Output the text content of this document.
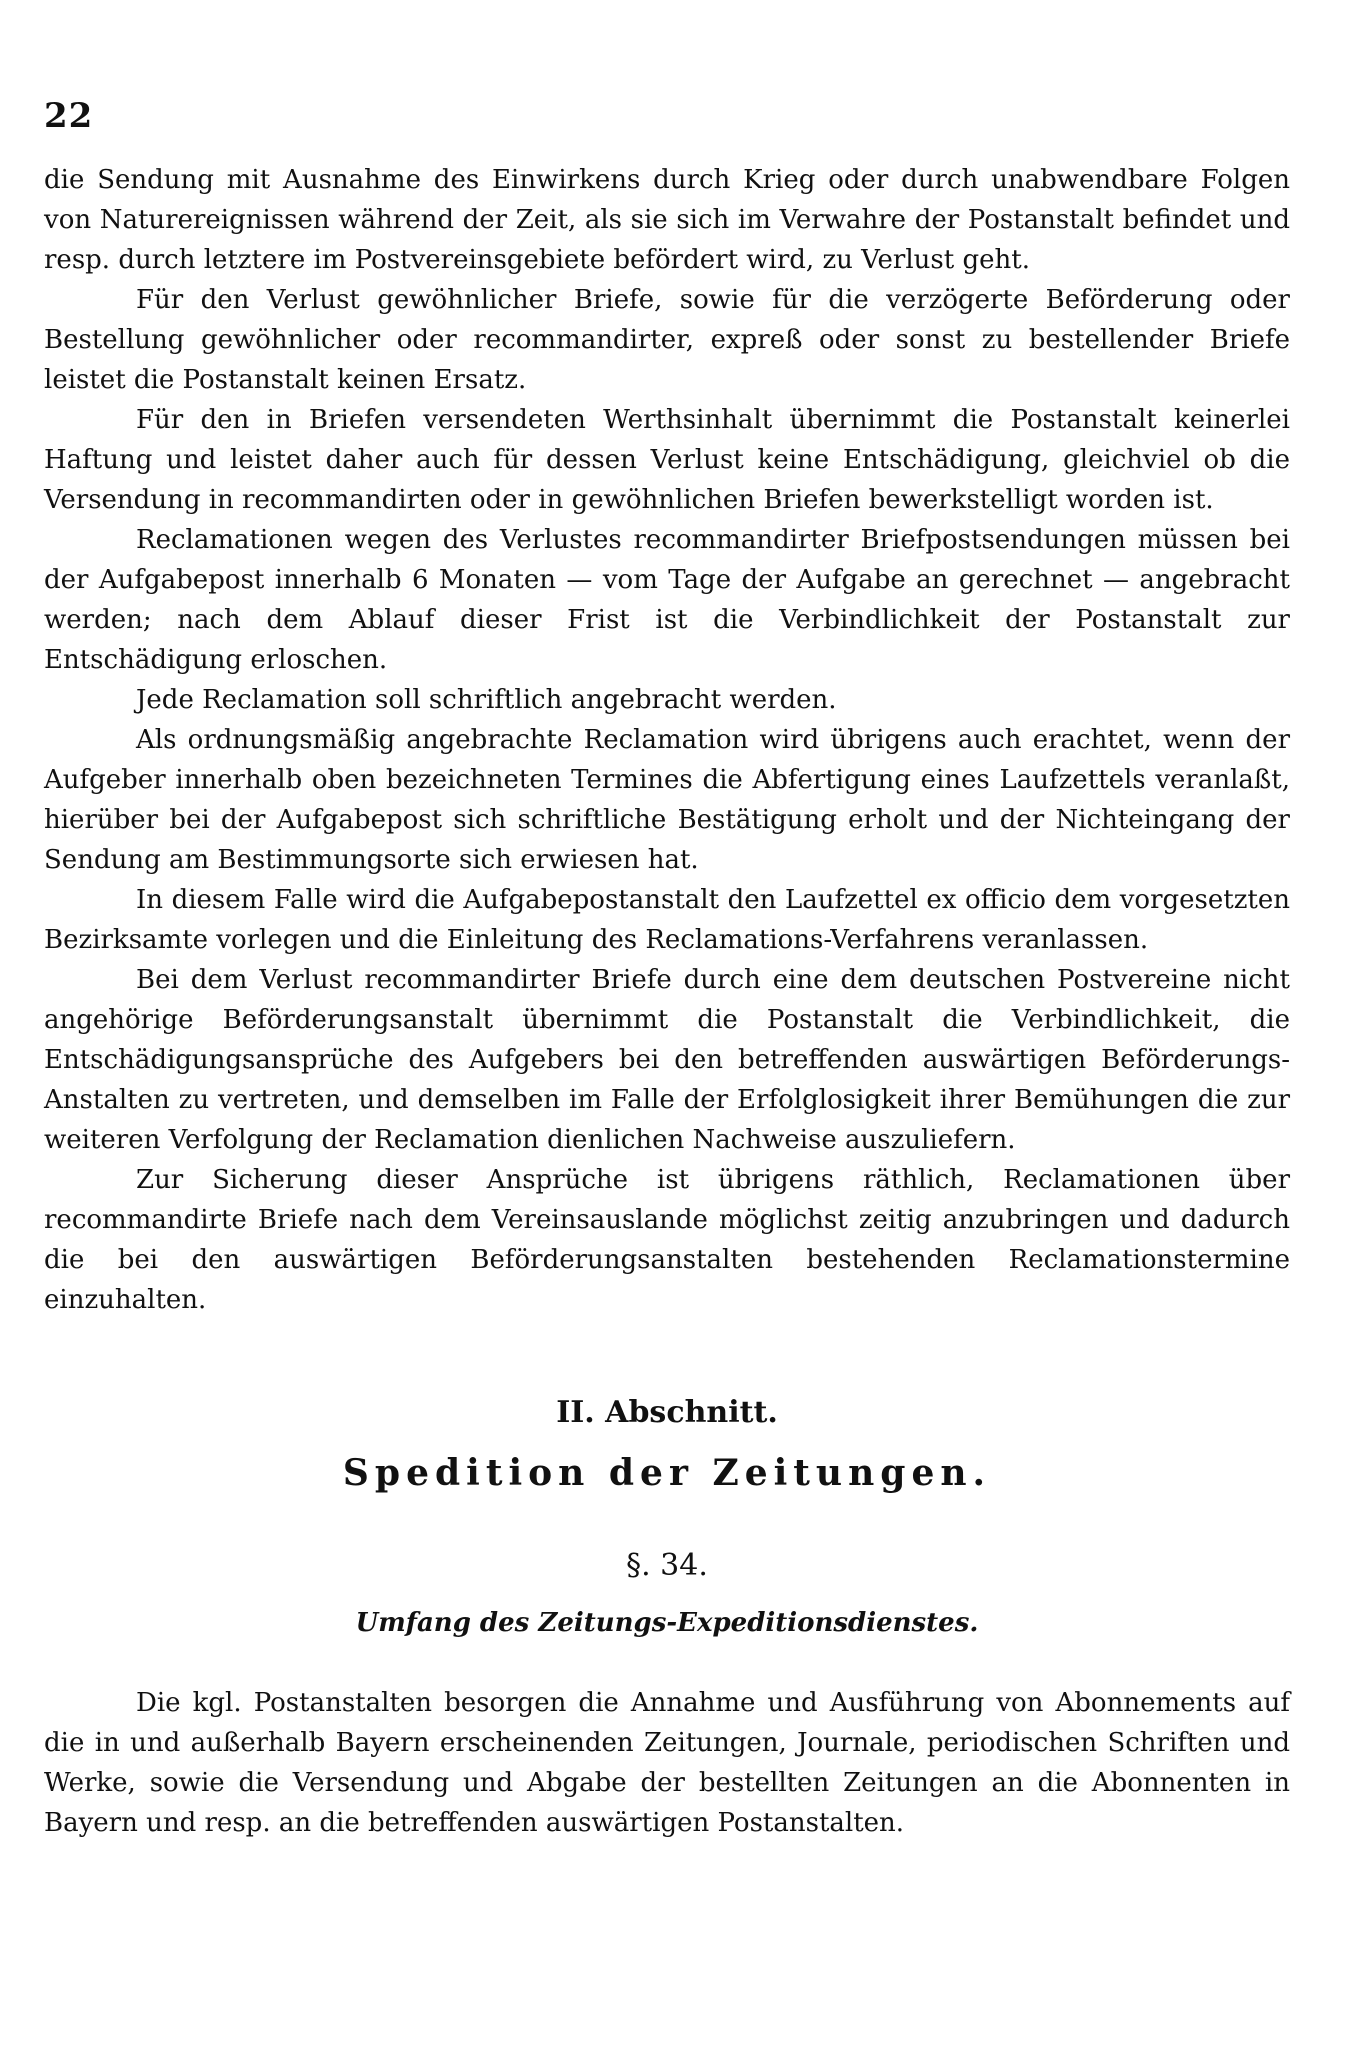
22

die Sendung mit Ausnahme des Einwirkens durch Krieg oder durch unabwendbare Folgen von Naturereignissen während der Zeit, als sie sich im Verwahre der Postanstalt befindet und resp. durch letztere im Postvereinsgebiete befördert wird, zu Verlust geht.

Für den Verlust gewöhnlicher Briefe, sowie für die verzögerte Beförderung oder Bestellung gewöhnlicher oder recommandirter, expreß oder sonst zu bestellender Briefe leistet die Postanstalt keinen Ersatz.

Für den in Briefen versendeten Werthsinhalt übernimmt die Postanstalt keinerlei Haftung und leistet daher auch für dessen Verlust keine Entschädigung, gleichviel ob die Versendung in recommandirten oder in gewöhnlichen Briefen bewerkstelligt worden ist.

Reclamationen wegen des Verlustes recommandirter Briefpostsendungen müssen bei der Aufgabepost innerhalb 6 Monaten — vom Tage der Aufgabe an gerechnet — angebracht werden; nach dem Ablauf dieser Frist ist die Verbindlichkeit der Postanstalt zur Entschädigung erloschen.

Jede Reclamation soll schriftlich angebracht werden.

Als ordnungsmäßig angebrachte Reclamation wird übrigens auch erachtet, wenn der Aufgeber innerhalb oben bezeichneten Termines die Abfertigung eines Laufzettels veranlaßt, hierüber bei der Aufgabepost sich schriftliche Bestätigung erholt und der Nichteingang der Sendung am Bestimmungsorte sich erwiesen hat.

In diesem Falle wird die Aufgabepostanstalt den Laufzettel ex officio dem vorgesetzten Bezirksamte vorlegen und die Einleitung des Reclamations-Verfahrens veranlassen.

Bei dem Verlust recommandirter Briefe durch eine dem deutschen Postvereine nicht angehörige Beförderungsanstalt übernimmt die Postanstalt die Verbindlichkeit, die Entschädigungsansprüche des Aufgebers bei den betreffenden auswärtigen Beförderungs-Anstalten zu vertreten, und demselben im Falle der Erfolglosigkeit ihrer Bemühungen die zur weiteren Verfolgung der Reclamation dienlichen Nachweise auszuliefern.

Zur Sicherung dieser Ansprüche ist übrigens räthlich, Reclamationen über recommandirte Briefe nach dem Vereinsauslande möglichst zeitig anzubringen und dadurch die bei den auswärtigen Beförderungsanstalten bestehenden Reclamationstermine einzuhalten.

II. Abschnitt.
Spedition der Zeitungen.
§. 34.
Umfang des Zeitungs-Expeditionsdienstes.

Die kgl. Postanstalten besorgen die Annahme und Ausführung von Abonnements auf die in und außerhalb Bayern erscheinenden Zeitungen, Journale, periodischen Schriften und Werke, sowie die Versendung und Abgabe der bestellten Zeitungen an die Abonnenten in Bayern und resp. an die betreffenden auswärtigen Postanstalten.
